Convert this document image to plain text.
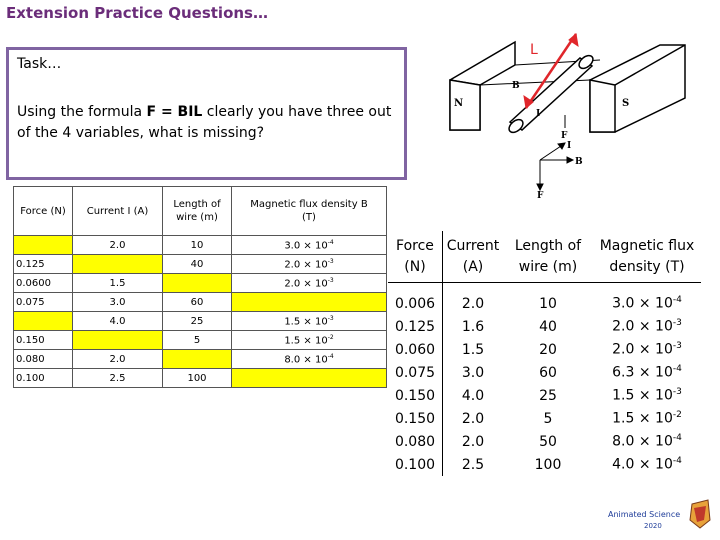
Extension Practice Questions…
Task…
Using the formula F = BIL clearly you have three out of the 4 variables, what is missing?
N	S
B
I
F
L
I
B
F
Force (N)	Current I (A)	Length of wire (m)	Magnetic flux density B (T)
	2.0	10	$3.0 \times 10^{-4}$
0.125		40	$2.0 \times 10^{-3}$
0.0600	1.5		$2.0 \times 10^{-3}$
0.075	3.0	60	
	4.0	25	$1.5 \times 10^{-3}$
0.150		5	$1.5 \times 10^{-2}$
0.080	2.0		$8.0 \times 10^{-4}$
0.100	2.5	100	
Force (N)	Current (A)	Length of wire (m)	Magnetic flux density (T)
0.006	2.0	10	$3.0 \times 10^{-4}$
0.125	1.6	40	$2.0 \times 10^{-3}$
0.060	1.5	20	$2.0 \times 10^{-3}$
0.075	3.0	60	$6.3 \times 10^{-4}$
0.150	4.0	25	$1.5 \times 10^{-3}$
0.150	2.0	5	$1.5 \times 10^{-2}$
0.080	2.0	50	$8.0 \times 10^{-4}$
0.100	2.5	100	$4.0 \times 10^{-4}$
Animated Science
2020
